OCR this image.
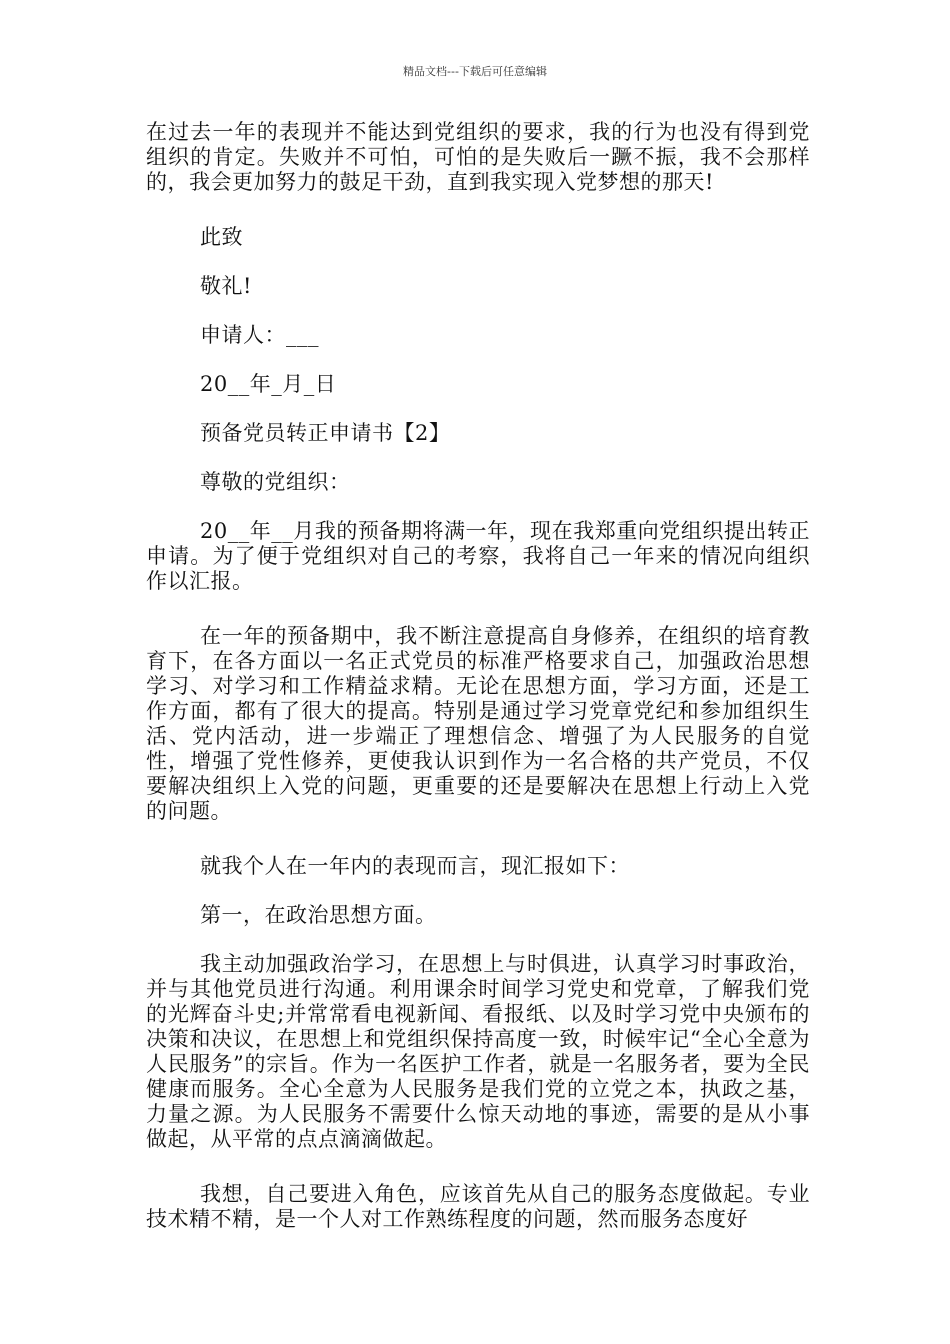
精品文档---下载后可任意编辑

在过去一年的表现并不能达到党组织的要求，我的行为也没有得到党组织的肯定。失败并不可怕，可怕的是失败后一蹶不振，我不会那样的，我会更加努力的鼓足干劲，直到我实现入党梦想的那天!

此致

敬礼!

申请人：___

20__年_月_日

预备党员转正申请书【2】

尊敬的党组织：

20__年__月我的预备期将满一年，现在我郑重向党组织提出转正申请。为了便于党组织对自己的考察，我将自己一年来的情况向组织作以汇报。

在一年的预备期中，我不断注意提高自身修养，在组织的培育教育下，在各方面以一名正式党员的标准严格要求自己，加强政治思想学习、对学习和工作精益求精。无论在思想方面，学习方面，还是工作方面，都有了很大的提高。特别是通过学习党章党纪和参加组织生活、党内活动，进一步端正了理想信念、增强了为人民服务的自觉性，增强了党性修养，更使我认识到作为一名合格的共产党员，不仅要解决组织上入党的问题，更重要的还是要解决在思想上行动上入党的问题。

就我个人在一年内的表现而言，现汇报如下：

第一，在政治思想方面。

我主动加强政治学习，在思想上与时俱进，认真学习时事政治，并与其他党员进行沟通。利用课余时间学习党史和党章，了解我们党的光辉奋斗史;并常常看电视新闻、看报纸、以及时学习党中央颁布的决策和决议，在思想上和党组织保持高度一致，时候牢记“全心全意为人民服务”的宗旨。作为一名医护工作者，就是一名服务者，要为全民健康而服务。全心全意为人民服务是我们党的立党之本，执政之基，力量之源。为人民服务不需要什么惊天动地的事迹，需要的是从小事做起，从平常的点点滴滴做起。

我想，自己要进入角色，应该首先从自己的服务态度做起。专业技术精不精，是一个人对工作熟练程度的问题，然而服务态度好
